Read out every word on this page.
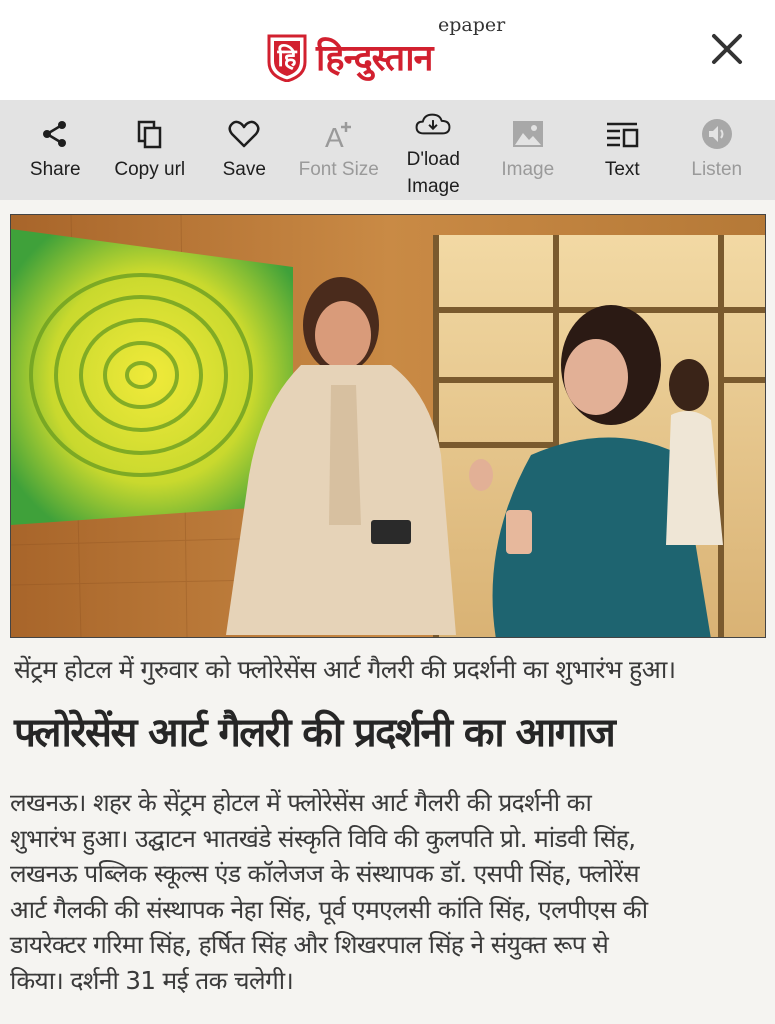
हि
epaper
हिन्दुस्तान
Share Copy url Save
A
Font Size D'load
Image
Image	Text	Listen
सेंट्रम होटल में गुरुवार को फ्लोरेसेंस आर्ट गैलरी की प्रदर्शनी का शुभारंभ हुआ।
फ्लोरेसेंस आर्ट गैलरी की प्रदर्शनी का आगाज
लखनऊ। शहर के सेंट्रम होटल में फ्लोरेसेंस आर्ट गैलरी की प्रदर्शनी का
शुभारंभ हुआ। उद्घाटन भातखंडे संस्कृति विवि की कुलपति प्रो. मांडवी सिंह,
लखनऊ पब्लिक स्कूल्स एंड कॉलेजज के संस्थापक डॉ. एसपी सिंह, फ्लोरेंस
आर्ट गैलकी की संस्थापक नेहा सिंह, पूर्व एमएलसी कांति सिंह, एलपीएस की
डायरेक्टर गरिमा सिंह, हर्षित सिंह और शिखरपाल सिंह ने संयुक्त रूप से
किया। दर्शनी 31 मई तक चलेगी।
